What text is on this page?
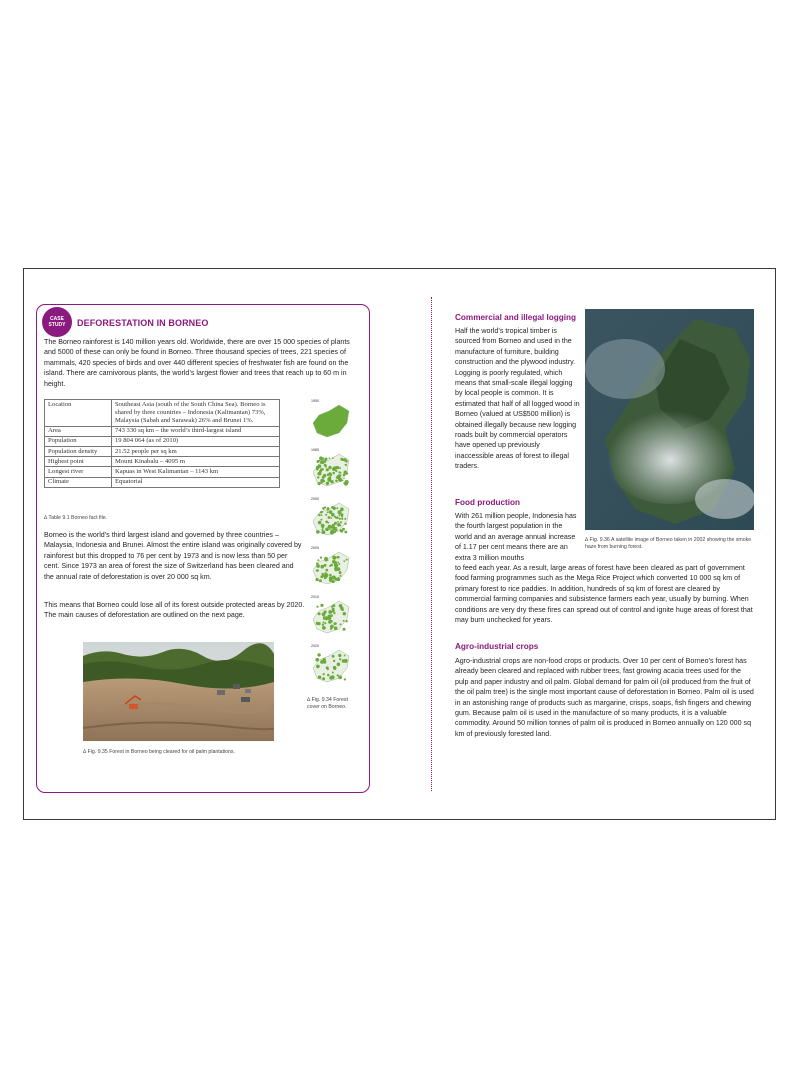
CASE
STUDY DEFORESTATION IN BORNEO

The Borneo rainforest is 140 million years old. Worldwide, there are over 15 000 species of plants and 5000 of these can only be found in Borneo. Three thousand species of trees, 221 species of mammals, 420 species of birds and over 440 different species of freshwater fish are found on the island. There are carnivorous plants, the world’s largest flower and trees that reach up to 60 m in height.

Location	Southeast Asia (south of the South China Sea). Borneo is shared by three countries – Indonesia (Kalimantan) 73%, Malaysia (Sabah and Sarawak) 26% and Brunei 1%.
Area	743 330 sq km – the world’s third-largest island
Population	19 804 064 (as of 2010)
Population density	21.52 people per sq km
Highest point	Mount Kinabalu – 4095 m
Longest river	Kapuas in West Kalimantan – 1143 km
Climate	Equatorial
∆ Table 9.1 Borneo fact file.

Borneo is the world’s third largest island and governed by three countries – Malaysia, Indonesia and Brunei. Almost the entire island was originally covered by rainforest but this dropped to 76 per cent by 1973 and is now less than 50 per cent. Since 1973 an area of forest the size of Switzerland has been cleared and the annual rate of deforestation is over 20 000 sq km.

This means that Borneo could lose all of its forest outside protected areas by 2020. The main causes of deforestation are outlined on the next page.

1950
1985
2000
2005
2010
2020
∆ Fig. 9.34 Forest
cover on Borneo.
∆ Fig. 9.35 Forest in Borneo being cleared for oil palm plantations.
Commercial and illegal logging

Half the world’s tropical timber is sourced from Borneo and used in the manufacture of furniture, building construction and the plywood industry. Logging is poorly regulated, which means that small-scale illegal logging by local people is common. It is estimated that half of all logged wood in Borneo (valued at US$500 million) is obtained illegally because new logging roads built by commercial operators have opened up previously inaccessible areas of forest to illegal traders.

∆ Fig. 9.36 A satellite image of Borneo taken in 2002 showing the smoke haze from burning forest.
Food production

With 261 million people, Indonesia has the fourth largest population in the world and an average annual increase of 1.17 per cent means there are an extra 3 million mouths

to feed each year. As a result, large areas of forest have been cleared as part of government food farming programmes such as the Mega Rice Project which converted 10 000 sq km of primary forest to rice paddies. In addition, hundreds of sq km of forest are cleared by commercial farming companies and subsistence farmers each year, usually by burning. When conditions are very dry these fires can spread out of control and ignite huge areas of forest that may burn unchecked for years.

Agro-industrial crops

Agro-industrial crops are non-food crops or products. Over 10 per cent of Borneo’s forest has already been cleared and replaced with rubber trees, fast growing acacia trees used for the pulp and paper industry and oil palm. Global demand for palm oil (oil produced from the fruit of the oil palm tree) is the single most important cause of deforestation in Borneo. Palm oil is used in an astonishing range of products such as margarine, crisps, soaps, fish fingers and chewing gum. Because palm oil is used in the manufacture of so many products, it is a valuable commodity. Around 50 million tonnes of palm oil is produced in Borneo annually on 120 000 sq km of previously forested land.
